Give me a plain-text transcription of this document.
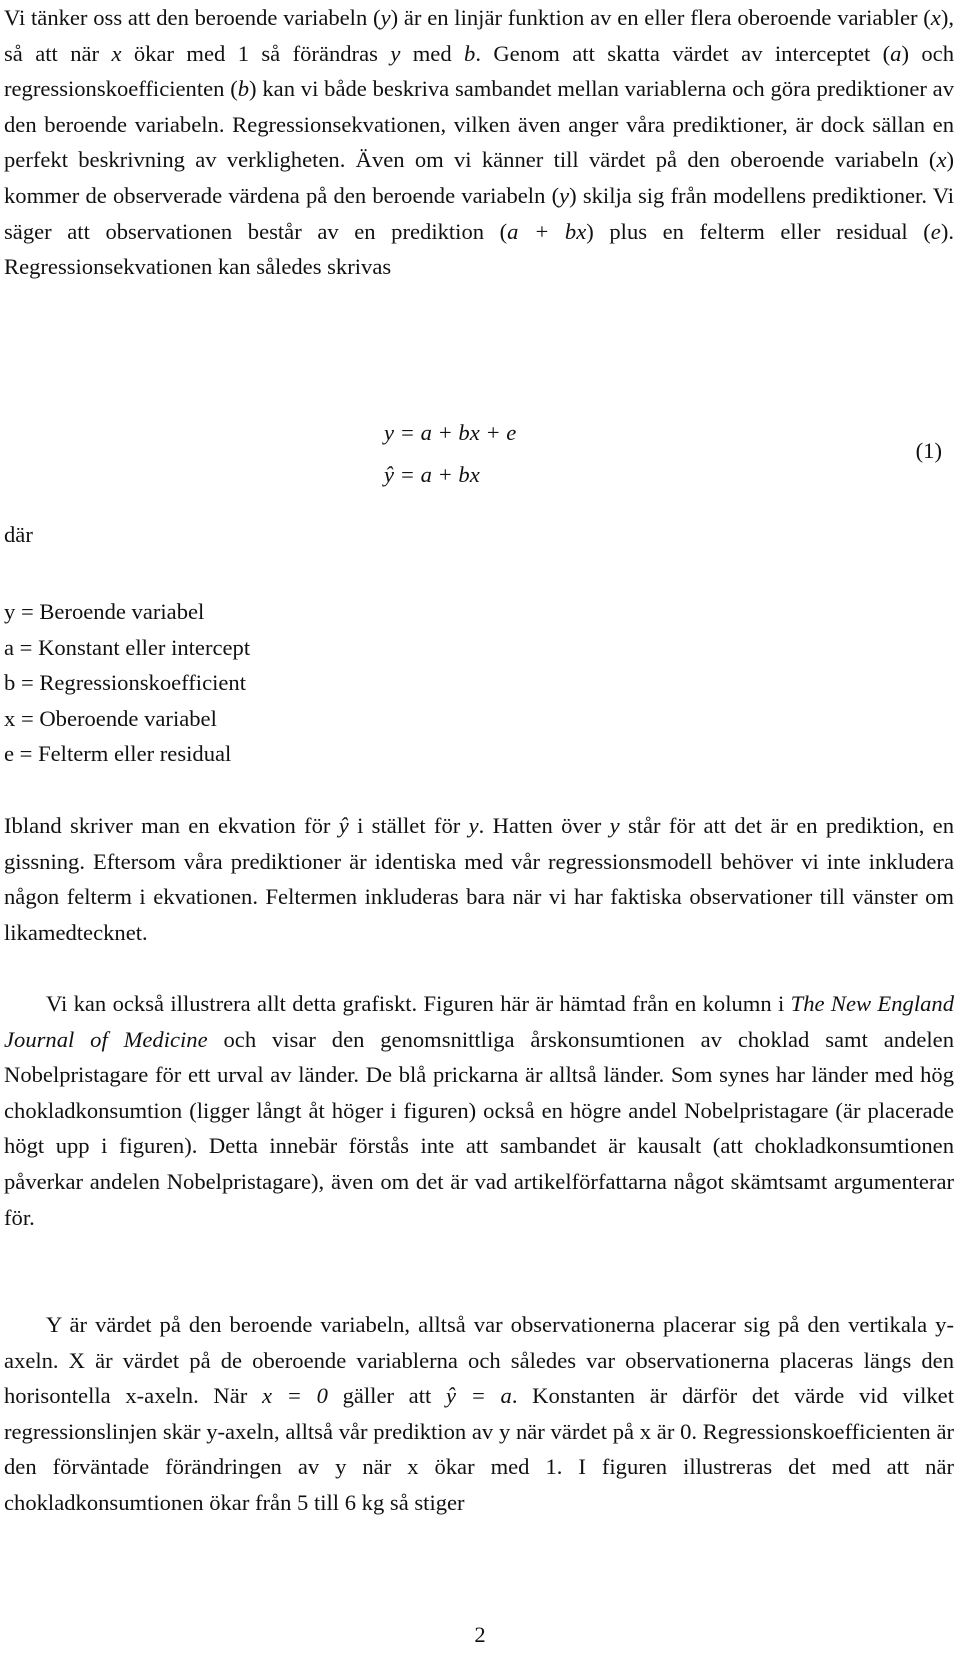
Vi tänker oss att den beroende variabeln (y) är en linjär funktion av en eller flera oberoende variabler (x), så att när x ökar med 1 så förändras y med b. Genom att skatta värdet av interceptet (a) och regressionskoefficienten (b) kan vi både beskriva sambandet mellan variablerna och göra prediktioner av den beroende variabeln. Regressionsekvationen, vilken även anger våra prediktioner, är dock sällan en perfekt beskrivning av verkligheten. Även om vi känner till värdet på den oberoende variabeln (x) kommer de observerade värdena på den beroende variabeln (y) skilja sig från modellens prediktioner. Vi säger att observationen består av en prediktion (a + bx) plus en felterm eller residual (e). Regressionsekvationen kan således skrivas

y = a + bx + e
ŷ = a + bx
(1)
där
y = Beroende variabel
a = Konstant eller intercept
b = Regressionskoefficient
x = Oberoende variabel
e = Felterm eller residual

Ibland skriver man en ekvation för ŷ i stället för y. Hatten över y står för att det är en prediktion, en gissning. Eftersom våra prediktioner är identiska med vår regressionsmodell behöver vi inte inkludera någon felterm i ekvationen. Feltermen inkluderas bara när vi har faktiska observationer till vänster om likamedtecknet.

Vi kan också illustrera allt detta grafiskt. Figuren här är hämtad från en kolumn i The New England Journal of Medicine och visar den genomsnittliga årskonsumtionen av choklad samt andelen Nobelpristagare för ett urval av länder. De blå prickarna är alltså länder. Som synes har länder med hög chokladkonsumtion (ligger långt åt höger i figuren) också en högre andel Nobelpristagare (är placerade högt upp i figuren). Detta innebär förstås inte att sambandet är kausalt (att chokladkonsumtionen påverkar andelen Nobelpristagare), även om det är vad artikelförfattarna något skämtsamt argumenterar för.

Y är värdet på den beroende variabeln, alltså var observationerna placerar sig på den vertikala y-axeln. X är värdet på de oberoende variablerna och således var observationerna placeras längs den horisontella x-axeln. När x = 0 gäller att ŷ = a. Konstanten är därför det värde vid vilket regressionslinjen skär y-axeln, alltså vår prediktion av y när värdet på x är 0. Regressionskoefficienten är den förväntade förändringen av y när x ökar med 1. I figuren illustreras det med att när chokladkonsumtionen ökar från 5 till 6 kg så stiger

2
